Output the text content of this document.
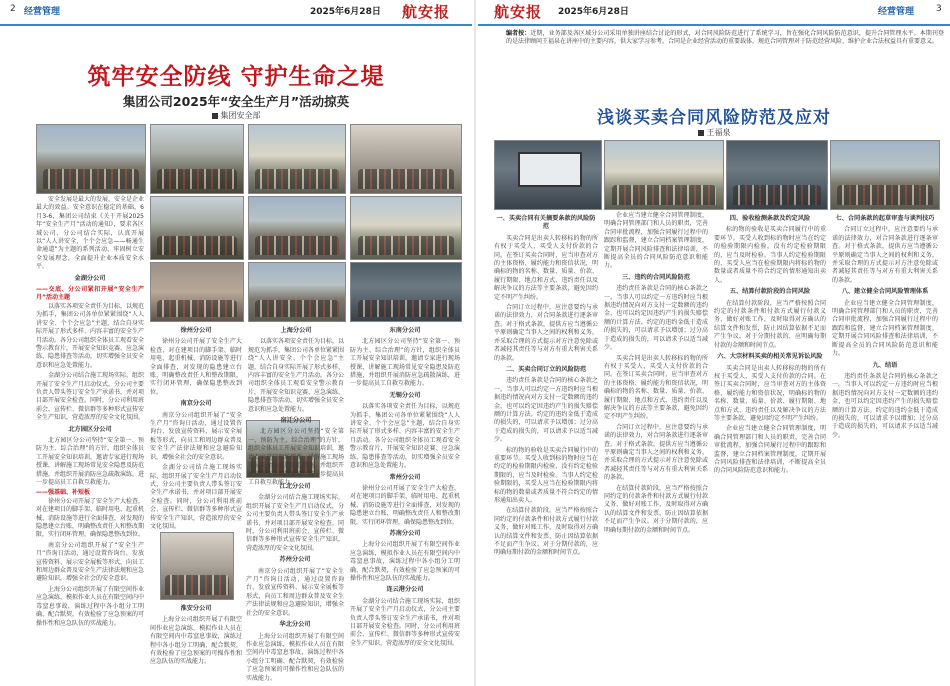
2 经营管理	2025年6月28日 航安报
筑牢安全防线 守护生命之堤
集团公司2025年“安全生产月”活动掠英
集团安全部

安全发展是最大的发展，安全是企业最大的效益。安全意识在稳定的基础，6月3-6，集团公司结束《关于开展2025年“安全生产月”活动的通知》，要求各区域公司、分公司结合实际，认真开展以“人人讲安全、个个会应急——畅通生命通道”为主题的系列活动，牢固树立安全发展理念，全面提升企业本质安全水平。

金湖分公司
——交底、分公司紧扣开展“安全生产月”活动主题

以落实各项安全责任为目标，以规范为抓手，集团公司各单位紧紧围绕“人人讲安全、个个会应急”主题，结合自身实际开展了形式多样、内容丰富的安全生产月活动。各分公司组织全体员工观看安全警示教育片，开展安全知识竞赛、应急演练、隐患排查等活动，切实增强全员安全意识和应急处置能力。

金湖分公司结合施工现场实际，组织开展了安全生产月启动仪式，分公司主要负责人带头签订安全生产承诺书，并对项目部开展安全检查。同时，分公司利用班前会、宣传栏、微信群等多种形式宣传安全生产知识，营造浓厚的安全文化氛围。

北方园区分公司

北方园区分公司坚持“安全第一、预防为主、综合治理”的方针，组织全体员工开展安全知识培训，邀请专家进行现场授课，讲解施工现场常见安全隐患及防范措施，并组织开展消防应急疏散演练，进一步提高员工自救互救能力。

——强基础、补短板

徐州分公司开展了安全生产大检查，对在建项目的脚手架、临时用电、起重机械、消防设施等进行全面排查，对发现的隐患建立台账，明确整改责任人和整改期限，实行闭环管理，确保隐患整改到位。

南京分公司组织开展了“安全生产月”咨询日活动，通过设置咨询台、发放宣传资料、展示安全展板等形式，向员工和周边群众普及安全生产法律法规和应急避险知识，增强全社会的安全意识。

上海分公司组织开展了有限空间作业应急演练，模拟作业人员在有限空间内中毒窒息事故，演练过程中各小组分工明确、配合默契，有效检验了应急预案的可操作性和应急队伍的实战能力。

徐州分公司

徐州分公司开展了安全生产大检查，对在建项目的脚手架、临时用电、起重机械、消防设施等进行全面排查，对发现的隐患建立台账，明确整改责任人和整改期限，实行闭环管理，确保隐患整改到位。

南京分公司

南京分公司组织开展了“安全生产月”咨询日活动，通过设置咨询台、发放宣传资料、展示安全展板等形式，向员工和周边群众普及安全生产法律法规和应急避险知识，增强全社会的安全意识。

金湖分公司结合施工现场实际，组织开展了安全生产月启动仪式，分公司主要负责人带头签订安全生产承诺书，并对项目部开展安全检查。同时，分公司利用班前会、宣传栏、微信群等多种形式宣传安全生产知识，营造浓厚的安全文化氛围。

淮安分公司

上海分公司组织开展了有限空间作业应急演练，模拟作业人员在有限空间内中毒窒息事故，演练过程中各小组分工明确、配合默契，有效检验了应急预案的可操作性和应急队伍的实战能力。

上海分公司

以落实各项安全责任为目标，以规范为抓手，集团公司各单位紧紧围绕“人人讲安全、个个会应急”主题，结合自身实际开展了形式多样、内容丰富的安全生产月活动。各分公司组织全体员工观看安全警示教育片，开展安全知识竞赛、应急演练、隐患排查等活动，切实增强全员安全意识和应急处置能力。

宿迁分公司

北方园区分公司坚持“安全第一、预防为主、综合治理”的方针，组织全体员工开展安全知识培训，邀请专家进行现场授课，讲解施工现场常见安全隐患及防范措施，并组织开展消防应急疏散演练，进一步提高员工自救互救能力。

江北分公司

金湖分公司结合施工现场实际，组织开展了安全生产月启动仪式，分公司主要负责人带头签订安全生产承诺书，并对项目部开展安全检查。同时，分公司利用班前会、宣传栏、微信群等多种形式宣传安全生产知识，营造浓厚的安全文化氛围。

苏州分公司

南京分公司组织开展了“安全生产月”咨询日活动，通过设置咨询台、发放宣传资料、展示安全展板等形式，向员工和周边群众普及安全生产法律法规和应急避险知识，增强全社会的安全意识。

华北分公司

上海分公司组织开展了有限空间作业应急演练，模拟作业人员在有限空间内中毒窒息事故，演练过程中各小组分工明确、配合默契，有效检验了应急预案的可操作性和应急队伍的实战能力。

东南分公司

北方园区分公司坚持“安全第一、预防为主、综合治理”的方针，组织全体员工开展安全知识培训，邀请专家进行现场授课，讲解施工现场常见安全隐患及防范措施，并组织开展消防应急疏散演练，进一步提高员工自救互救能力。

无锡分公司

以落实各项安全责任为目标，以规范为抓手，集团公司各单位紧紧围绕“人人讲安全、个个会应急”主题，结合自身实际开展了形式多样、内容丰富的安全生产月活动。各分公司组织全体员工观看安全警示教育片，开展安全知识竞赛、应急演练、隐患排查等活动，切实增强全员安全意识和应急处置能力。

常州分公司

徐州分公司开展了安全生产大检查，对在建项目的脚手架、临时用电、起重机械、消防设施等进行全面排查，对发现的隐患建立台账，明确整改责任人和整改期限，实行闭环管理，确保隐患整改到位。

苏南分公司

上海分公司组织开展了有限空间作业应急演练，模拟作业人员在有限空间内中毒窒息事故，演练过程中各小组分工明确、配合默契，有效检验了应急预案的可操作性和应急队伍的实战能力。

连云港分公司

金湖分公司结合施工现场实际，组织开展了安全生产月启动仪式，分公司主要负责人带头签订安全生产承诺书，并对项目部开展安全检查。同时，分公司利用班前会、宣传栏、微信群等多种形式宣传安全生产知识，营造浓厚的安全文化氛围。

航安报 2025年6月28日	经营管理 3
编者按：近期，业务部及各区域分公司采用单独讲座结合讨论的形式，对合同风险防范进行了系统学习，旨在强化合同风险防范意识，提升合同管理水平。本期刊登的是法律顾问王福泉在讲座中的主要内容，供大家学习参考。合同是企业经营活动的重要载体，规范合同管理对于防范经营风险、维护企业合法权益具有重要意义。
浅谈买卖合同风险防范及应对
王福泉
一、买卖合同有关摘要条款的风险防范

买卖合同是出卖人转移标的物的所有权于买受人，买受人支付价款的合同。在签订买卖合同时，应当审查对方的主体资格、履约能力和资信状况，明确标的物的名称、数量、质量、价款、履行期限、地点和方式、违约责任以及解决争议的方法等主要条款，避免因约定不明产生纠纷。

合同订立过程中，应注意要约与承诺的法律效力，对合同条款进行逐条审查。对于格式条款，提供方应当遵循公平原则确定当事人之间的权利和义务，并采取合理的方式提示对方注意免除或者减轻其责任等与对方有重大利害关系的条款。

二、买卖合同订立的风险防范

违约责任条款是合同的核心条款之一。当事人可以约定一方违约时应当根据违约情况向对方支付一定数额的违约金，也可以约定因违约产生的损失赔偿额的计算方法。约定的违约金低于造成的损失的，可以请求予以增加；过分高于造成的损失的，可以请求予以适当减少。

标的物的验收是买卖合同履行中的重要环节。买受人收到标的物时应当在约定的检验期限内检验，没有约定检验期限的，应当及时检验。当事人约定检验期限的，买受人应当在检验期限内将标的物的数量或者质量不符合约定的情形通知出卖人。

在结算付款阶段，应当严格按照合同约定的付款条件和付款方式履行付款义务，做好对账工作，及时取得对方确认的结算文件和发票，防止因结算依据不足而产生争议。对于分期付款的，应明确每期付款的金额和时间节点。

企业应当建立健全合同管理制度，明确合同管理部门和人员的职责，完善合同审批流程，加强合同履行过程中的跟踪和监督，建立合同档案管理制度，定期开展合同风险排查和法律培训，不断提高全员的合同风险防范意识和能力。

三、违约的合同风险防范

违约责任条款是合同的核心条款之一。当事人可以约定一方违约时应当根据违约情况向对方支付一定数额的违约金，也可以约定因违约产生的损失赔偿额的计算方法。约定的违约金低于造成的损失的，可以请求予以增加；过分高于造成的损失的，可以请求予以适当减少。

买卖合同是出卖人转移标的物的所有权于买受人，买受人支付价款的合同。在签订买卖合同时，应当审查对方的主体资格、履约能力和资信状况，明确标的物的名称、数量、质量、价款、履行期限、地点和方式、违约责任以及解决争议的方法等主要条款，避免因约定不明产生纠纷。

合同订立过程中，应注意要约与承诺的法律效力，对合同条款进行逐条审查。对于格式条款，提供方应当遵循公平原则确定当事人之间的权利和义务，并采取合理的方式提示对方注意免除或者减轻其责任等与对方有重大利害关系的条款。

在结算付款阶段，应当严格按照合同约定的付款条件和付款方式履行付款义务，做好对账工作，及时取得对方确认的结算文件和发票，防止因结算依据不足而产生争议。对于分期付款的，应明确每期付款的金额和时间节点。

四、验收检测条款及约定风险

标的物的验收是买卖合同履行中的重要环节。买受人收到标的物时应当在约定的检验期限内检验，没有约定检验期限的，应当及时检验。当事人约定检验期限的，买受人应当在检验期限内将标的物的数量或者质量不符合约定的情形通知出卖人。

五、结算付款阶段的合同风险

在结算付款阶段，应当严格按照合同约定的付款条件和付款方式履行付款义务，做好对账工作，及时取得对方确认的结算文件和发票，防止因结算依据不足而产生争议。对于分期付款的，应明确每期付款的金额和时间节点。

六、大宗材料买卖的相关常见诉讼风险

买卖合同是出卖人转移标的物的所有权于买受人，买受人支付价款的合同。在签订买卖合同时，应当审查对方的主体资格、履约能力和资信状况，明确标的物的名称、数量、质量、价款、履行期限、地点和方式、违约责任以及解决争议的方法等主要条款，避免因约定不明产生纠纷。

企业应当建立健全合同管理制度，明确合同管理部门和人员的职责，完善合同审批流程，加强合同履行过程中的跟踪和监督，建立合同档案管理制度，定期开展合同风险排查和法律培训，不断提高全员的合同风险防范意识和能力。

七、合同条款的起草审查与谈判技巧

合同订立过程中，应注意要约与承诺的法律效力，对合同条款进行逐条审查。对于格式条款，提供方应当遵循公平原则确定当事人之间的权利和义务，并采取合理的方式提示对方注意免除或者减轻其责任等与对方有重大利害关系的条款。

八、建立健全合同风险管理体系

企业应当建立健全合同管理制度，明确合同管理部门和人员的职责，完善合同审批流程，加强合同履行过程中的跟踪和监督，建立合同档案管理制度，定期开展合同风险排查和法律培训，不断提高全员的合同风险防范意识和能力。

九、结语

违约责任条款是合同的核心条款之一。当事人可以约定一方违约时应当根据违约情况向对方支付一定数额的违约金，也可以约定因违约产生的损失赔偿额的计算方法。约定的违约金低于造成的损失的，可以请求予以增加；过分高于造成的损失的，可以请求予以适当减少。
